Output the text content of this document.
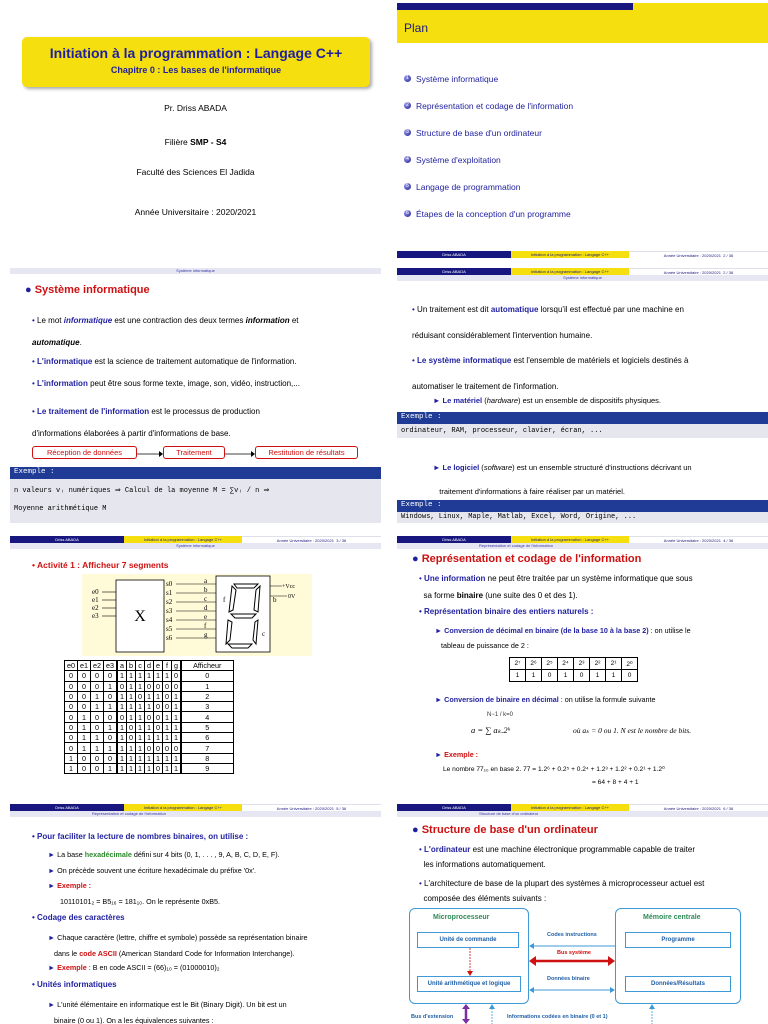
Initiation à la programmation : Langage C++
Chapitre 0 : Les bases de l'informatique
Pr. Driss ABADA
Filière SMP - S4
Faculté des Sciences El Jadida
Année Universitaire : 2020/2021
Plan
1 Système informatique
2 Représentation et codage de l'information
3 Structure de base d'un ordinateur
4 Système d'exploitation
5 Langage de programmation
6 Étapes de la conception d'un programme
Driss ABADA	Initiation à la programmation : Langage C++	Année Universitaire : 2020/2021 2 / 36
Système informatique
● Système informatique
• Le mot informatique est une contraction des deux termes information et
automatique.
• L'informatique est la science de traitement automatique de l'information.
• L'information peut être sous forme texte, image, son, vidéo, instruction,...
• Le traitement de l'information est le processus de production
d'informations élaborées à partir d'informations de base.
Réception de données	Traitement	Restitution de résultats
Exemple :
n valeurs vᵢ numériques ⇒ Calcul de la moyenne M = ∑vᵢ / n ⇒
Moyenne arithmétique M
Driss ABADA	Initiation à la programmation : Langage C++	Année Universitaire : 2020/2021 2 / 36
Système informatique
• Un traitement est dit automatique lorsqu'il est effectué par une machine en
réduisant considérablement l'intervention humaine.
• Le système informatique est l'ensemble de matériels et logiciels destinés à
automatiser le traitement de l'information.
► Le matériel (hardware) est un ensemble de dispositifs physiques.
Exemple :
ordinateur, RAM, processeur, clavier, écran, ...
► Le logiciel (software) est un ensemble structuré d'instructions décrivant un
traitement d'informations à faire réaliser par un matériel.
Exemple :
Windows, Linux, Maple, Matlab, Excel, Word, Origine, ...
Driss ABADA	Initiation à la programmation : Langage C++	Année Universitaire : 2020/2021 3 / 36
Système informatique
• Activité 1 : Afficheur 7 segments
X
e0
e1
e2
e3
s0
s1
s2
s3
s4
s5
s6
a
b
c
d
e
f
g
b
f
c
+Vcc
0V
e0	e1	e2	e3	a	b	c	d	e	f	g	Afficheur
0	0	0	0	1	1	1	1	1	1	0	0
0	0	0	1	0	1	1	0	0	0	0	1
0	0	1	0	1	1	0	1	1	0	1	2
0	0	1	1	1	1	1	1	0	0	1	3
0	1	0	0	0	1	1	0	0	1	1	4
0	1	0	1	1	0	1	1	0	1	1	5
0	1	1	0	1	0	1	1	1	1	1	6
0	1	1	1	1	1	1	0	0	0	0	7
1	0	0	0	1	1	1	1	1	1	1	8
1	0	0	1	1	1	1	1	0	1	1	9
Driss ABADA	Initiation à la programmation : Langage C++	Année Universitaire : 2020/2021 4 / 36
Représentation et codage de l'information
● Représentation et codage de l'information
• Une information ne peut être traitée par un système informatique que sous
sa forme binaire (une suite des 0 et des 1).
• Représentation binaire des entiers naturels :
► Conversion de décimal en binaire (de la base 10 à la base 2) : on utilise le
tableau de puissance de 2 :
2⁷	2⁶	2⁵	2⁴	2³	2²	2¹	2⁰
1	1	0	1	0	1	1	0
► Conversion de binaire en décimal : on utilise la formule suivante
N−1 / k=0
a = ∑ aₖ.2ᵏ	où aₖ = 0 ou 1. N est le nombre de bits.
► Exemple :
Le nombre 77₁₀ en base 2. 77 = 1.2⁶ + 0.2⁵ + 0.2⁴ + 1.2³ + 1.2² + 0.2¹ + 1.2⁰
= 64 + 8 + 4 + 1
Driss ABADA	Initiation à la programmation : Langage C++	Année Universitaire : 2020/2021 5 / 36
Représentation et codage de l'information
• Pour faciliter la lecture de nombres binaires, on utilise :
► La base hexadécimale défini sur 4 bits (0, 1, . . . , 9, A, B, C, D, E, F).
► On précède souvent une écriture hexadécimale du préfixe '0x'.
► Exemple :
10110101₂ = B5₁₆ = 181₁₀. On le représente 0xB5.
• Codage des caractères
► Chaque caractère (lettre, chiffre et symbole) possède sa représentation binaire
dans le code ASCII (American Standard Code for Information Interchange).
► Exemple : B en code ASCII = (66)₁₀ = (01000010)₂
• Unités informatiques
► L'unité élémentaire en informatique est le Bit (Binary Digit). Un bit est un
binaire (0 ou 1). On a les équivalences suivantes :
Driss ABADA	Initiation à la programmation : Langage C++	Année Universitaire : 2020/2021 6 / 36
Structure de base d'un ordinateur
● Structure de base d'un ordinateur
• L'ordinateur est une machine électronique programmable capable de traiter
les informations automatiquement.
• L'architecture de base de la plupart des systèmes à microprocesseur actuel est
composée des éléments suivants :
Microprocesseur	Mémoire centrale
Unité de commande
Unité arithmétique et logique
Programme
Données/Résultats
Codes instructions
Bus système
Données binaire
Bus d'extension	Informations codées en binaire (0 et 1)
